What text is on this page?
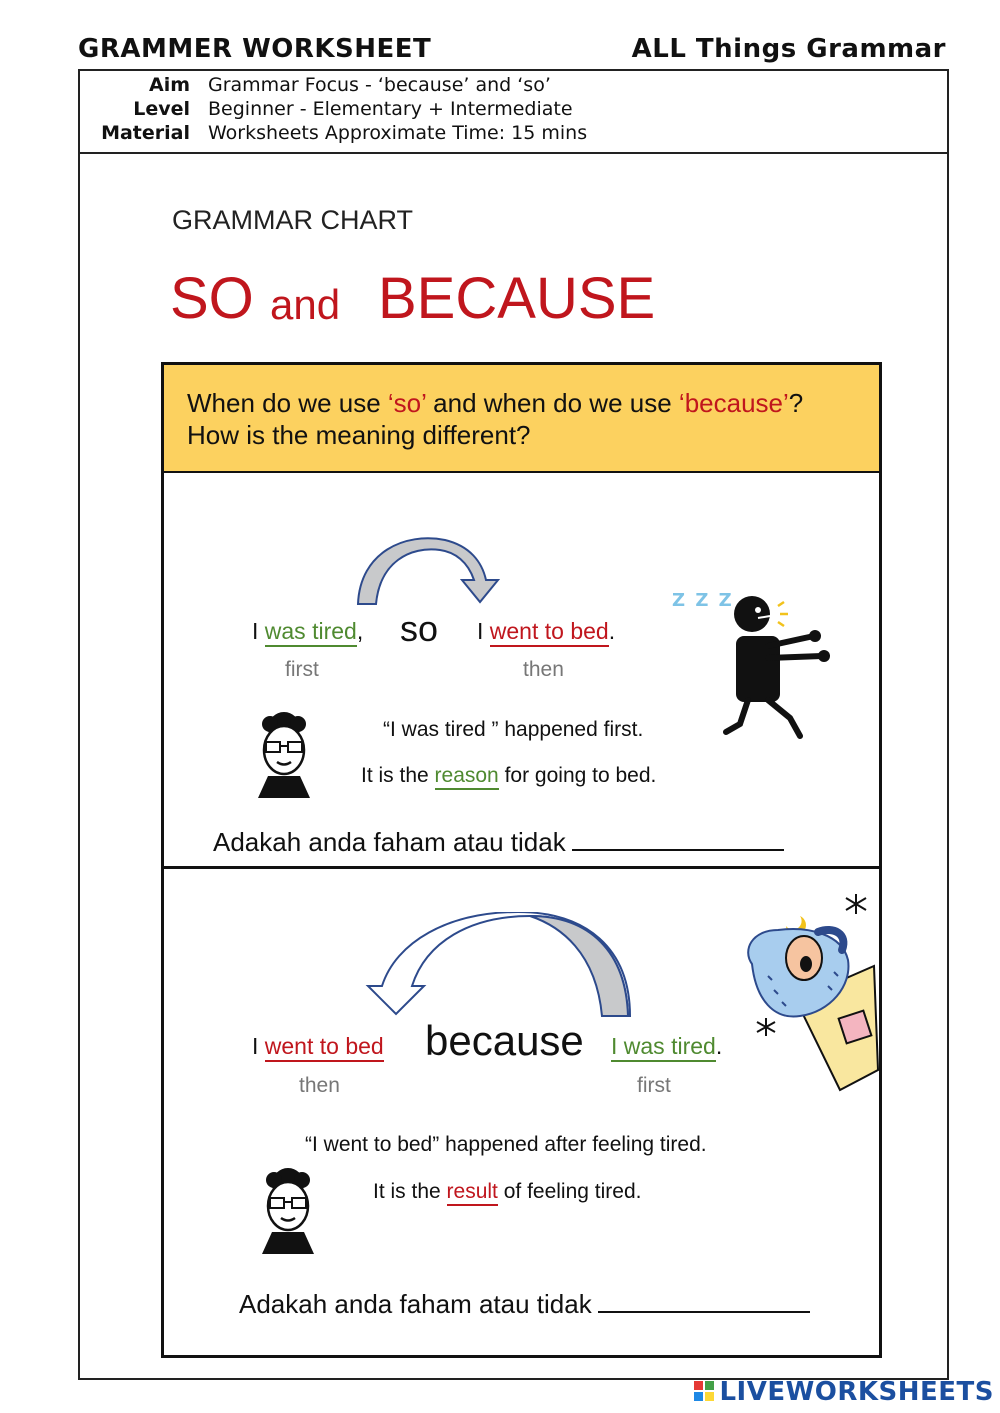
GRAMMER WORKSHEET	ALL Things Grammar
Aim Grammar Focus - ‘because’ and ‘so’
Level Beginner - Elementary + Intermediate
Material Worksheets Approximate Time: 15 mins
GRAMMAR CHART
SO and BECAUSE
When do we use ‘so’ and when do we use ‘because’?
How is the meaning different?
I was tired, so I went to bed.
first	then
Z Z Z
“I was tired ” happened first.
It is the reason for going to bed.
Adakah anda faham atau tidak
I went to bed because I was tired.
then	first
“I went to bed” happened after feeling tired.
It is the result of feeling tired.
Adakah anda faham atau tidak
LIVEWORKSHEETS
